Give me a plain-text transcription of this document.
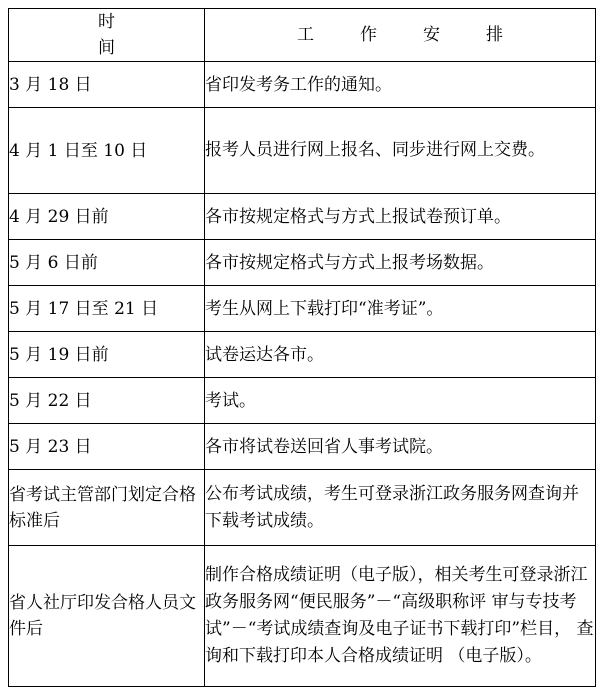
时间	工 作 安 排
3 月 18 日	省印发考务工作的通知。
4 月 1 日至 10 日	报考人员进行网上报名、同步进行网上交费。

4 月 29 日前	各市按规定格式与方式上报试卷预订单。
5 月 6 日前	各市按规定格式与方式上报考场数据。
5 月 17 日至 21 日	考生从网上下载打印“准考证”。
5 月 19 日前	试卷运达各市。
5 月 22 日	考试。
5 月 23 日	各市将试卷送回省人事考试院。

省考试主管部门划定合格标准后	公布考试成绩，考生可登录浙江政务服务网查询并下载考试成绩。

省人社厅印发合格人员文件后	制作合格成绩证明（电子版），相关考生可登录浙江政务服务网“便民服务”－“高级职称评 审与专技考试”－“考试成绩查询及电子证书下载打印”栏目， 查询和下载打印本人合格成绩证明 （电子版）。
